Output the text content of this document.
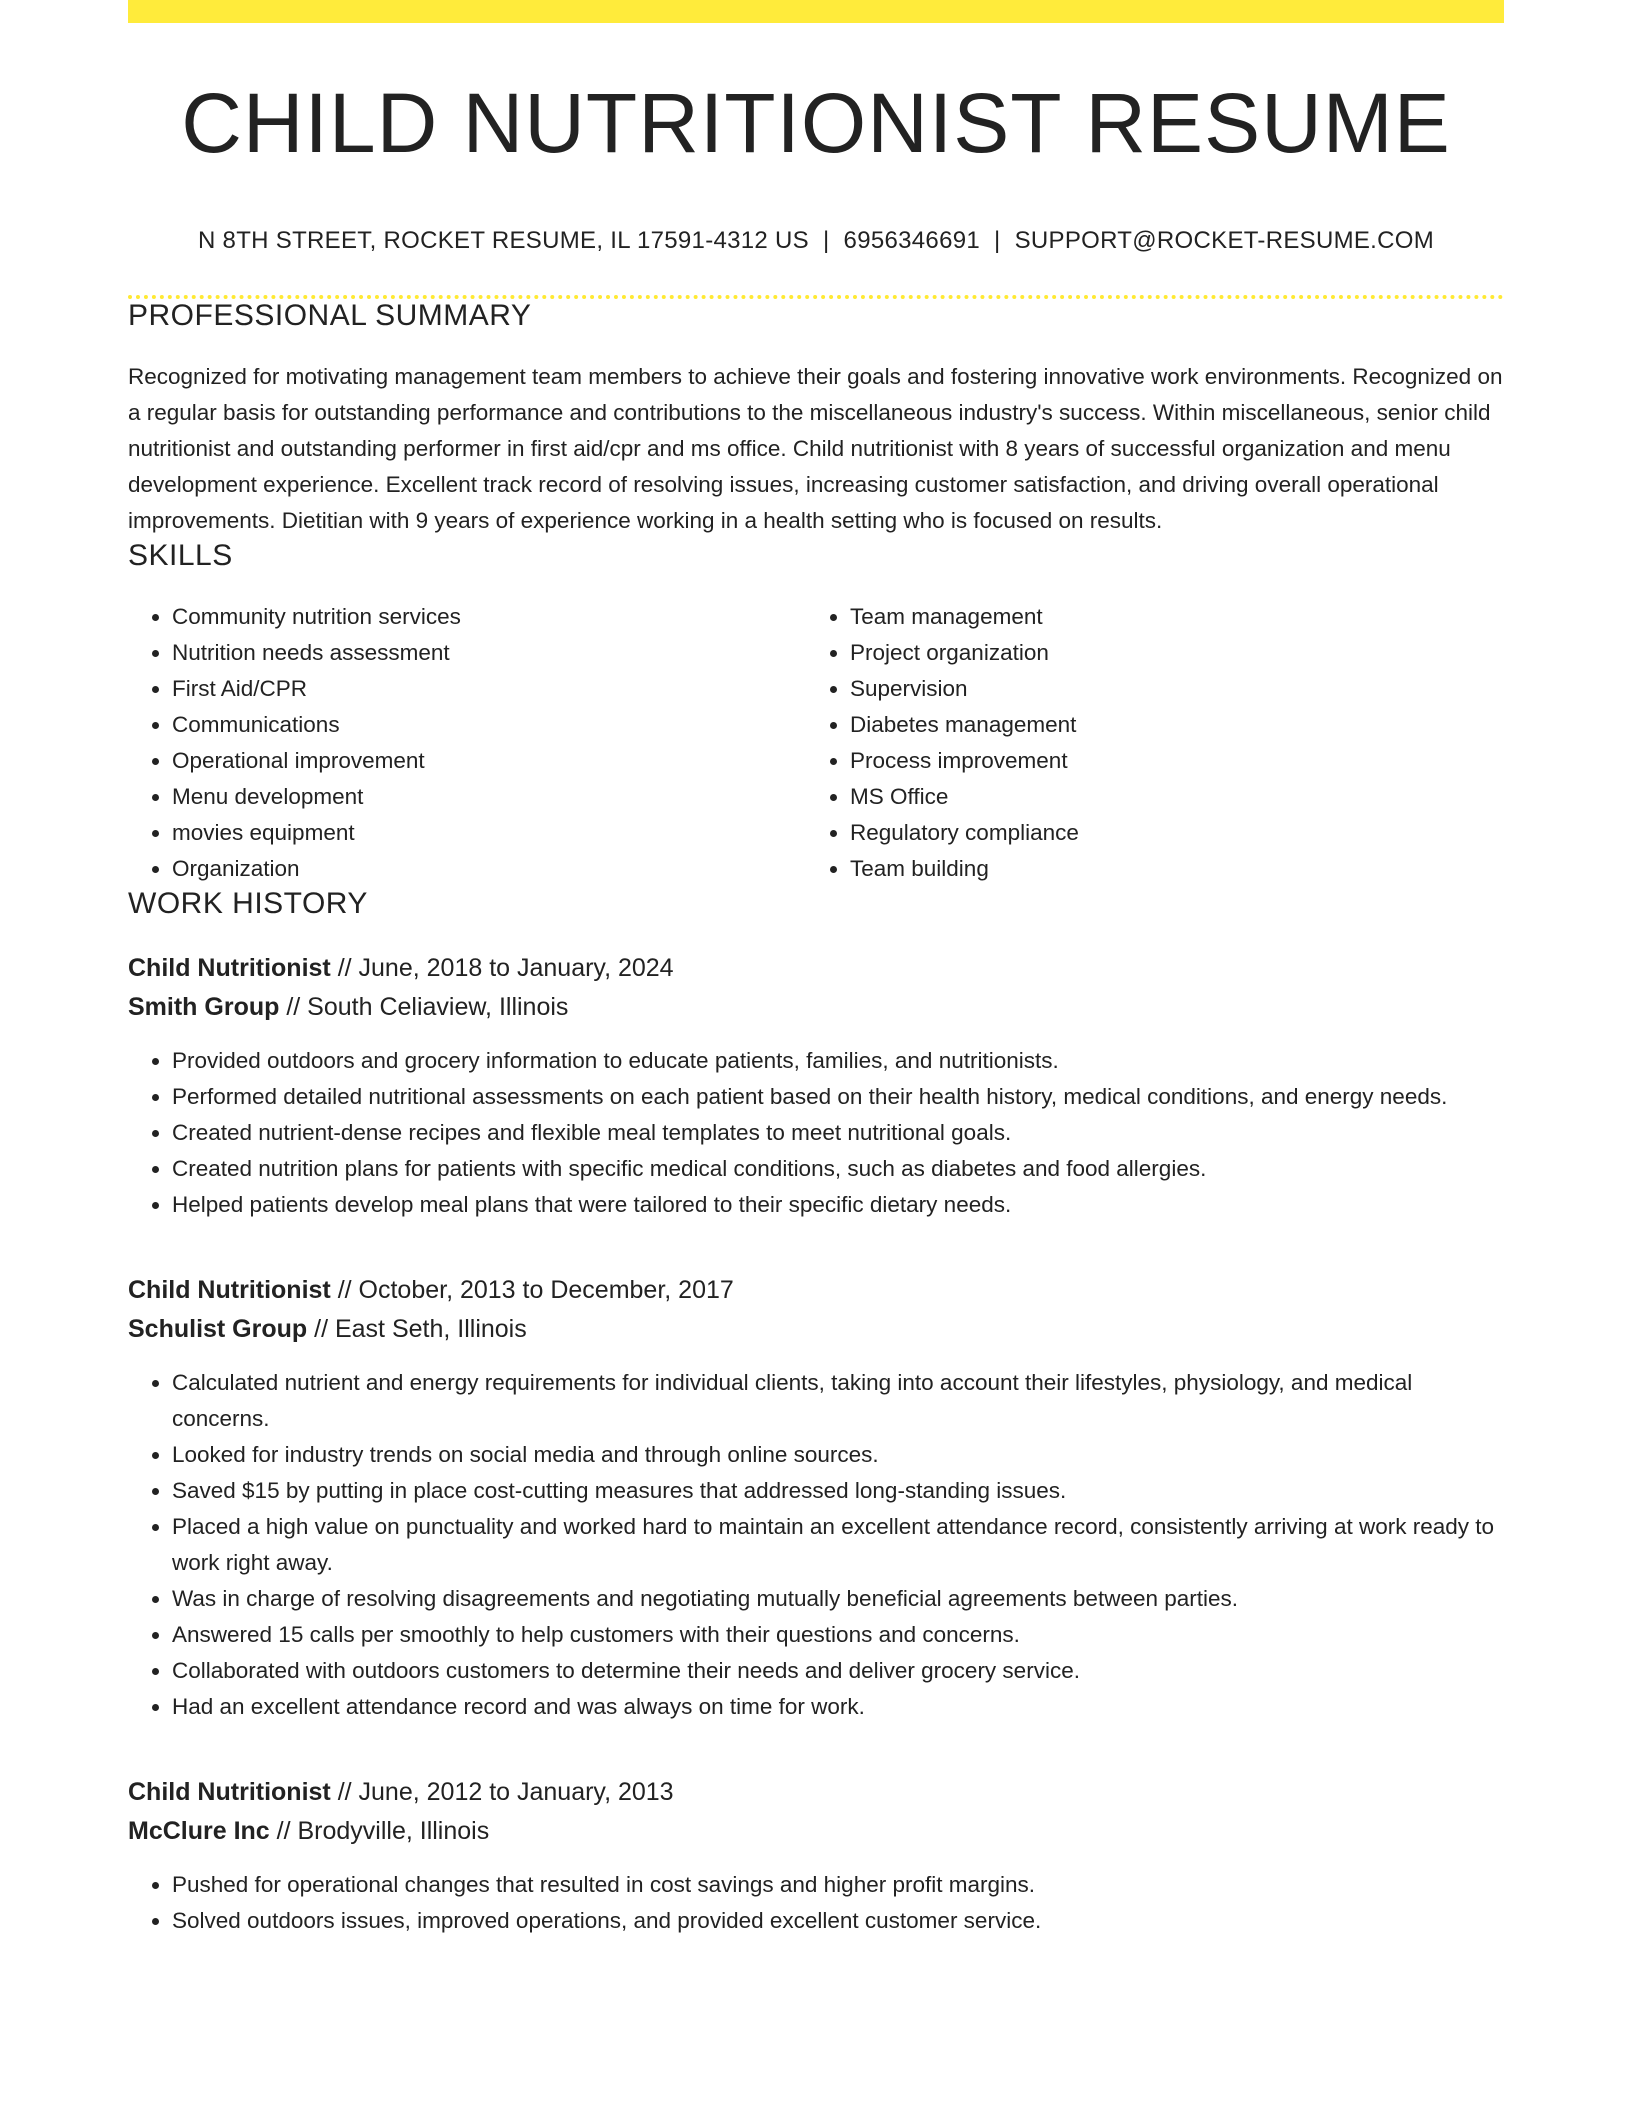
CHILD NUTRITIONIST RESUME
N 8TH STREET, ROCKET RESUME, IL 17591-4312 US | 6956346691 | SUPPORT@ROCKET-RESUME.COM
PROFESSIONAL SUMMARY

Recognized for motivating management team members to achieve their goals and fostering innovative work environments. Recognized on a regular basis for outstanding performance and contributions to the miscellaneous industry's success. Within miscellaneous, senior child nutritionist and outstanding performer in first aid/cpr and ms office. Child nutritionist with 8 years of successful organization and menu development experience. Excellent track record of resolving issues, increasing customer satisfaction, and driving overall operational improvements. Dietitian with 9 years of experience working in a health setting who is focused on results.

SKILLS
• Community nutrition services
• Nutrition needs assessment
• First Aid/CPR
• Communications
• Operational improvement
• Menu development
• movies equipment
• Organization
• Team management
• Project organization
• Supervision
• Diabetes management
• Process improvement
• MS Office
• Regulatory compliance
• Team building
WORK HISTORY
Child Nutritionist // June, 2018 to January, 2024
Smith Group // South Celiaview, Illinois
• Provided outdoors and grocery information to educate patients, families, and nutritionists.
• Performed detailed nutritional assessments on each patient based on their health history, medical conditions, and energy needs.
• Created nutrient-dense recipes and flexible meal templates to meet nutritional goals.
• Created nutrition plans for patients with specific medical conditions, such as diabetes and food allergies.
• Helped patients develop meal plans that were tailored to their specific dietary needs.
Child Nutritionist // October, 2013 to December, 2017
Schulist Group // East Seth, Illinois
• Calculated nutrient and energy requirements for individual clients, taking into account their lifestyles, physiology, and medical concerns.
• Looked for industry trends on social media and through online sources.
• Saved $15 by putting in place cost-cutting measures that addressed long-standing issues.
• Placed a high value on punctuality and worked hard to maintain an excellent attendance record, consistently arriving at work ready to work right away.
• Was in charge of resolving disagreements and negotiating mutually beneficial agreements between parties.
• Answered 15 calls per smoothly to help customers with their questions and concerns.
• Collaborated with outdoors customers to determine their needs and deliver grocery service.
• Had an excellent attendance record and was always on time for work.
Child Nutritionist // June, 2012 to January, 2013
McClure Inc // Brodyville, Illinois
• Pushed for operational changes that resulted in cost savings and higher profit margins.
• Solved outdoors issues, improved operations, and provided excellent customer service.
